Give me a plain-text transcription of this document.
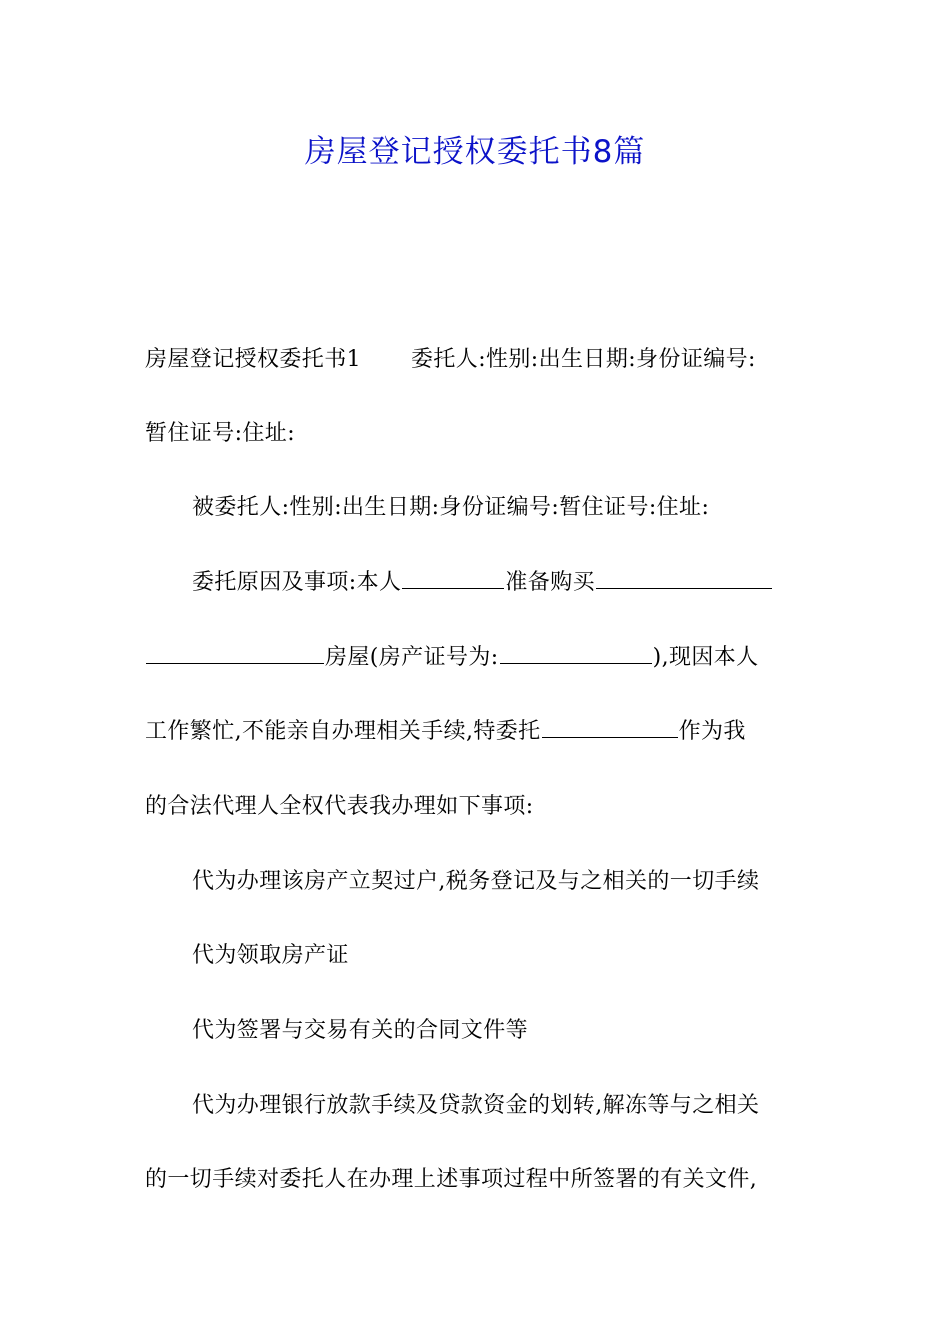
房屋登记授权委托书8篇
房屋登记授权委托书1 委托人:性别:出生日期:身份证编号:
暂住证号:住址:
被委托人:性别:出生日期:身份证编号:暂住证号:住址:
委托原因及事项:本人	准备购买
房屋(房产证号为:	),现因本人
工作繁忙,不能亲自办理相关手续,特委托	作为我
的合法代理人全权代表我办理如下事项:
代为办理该房产立契过户,税务登记及与之相关的一切手续
代为领取房产证
代为签署与交易有关的合同文件等
代为办理银行放款手续及贷款资金的划转,解冻等与之相关
的一切手续对委托人在办理上述事项过程中所签署的有关文件,
